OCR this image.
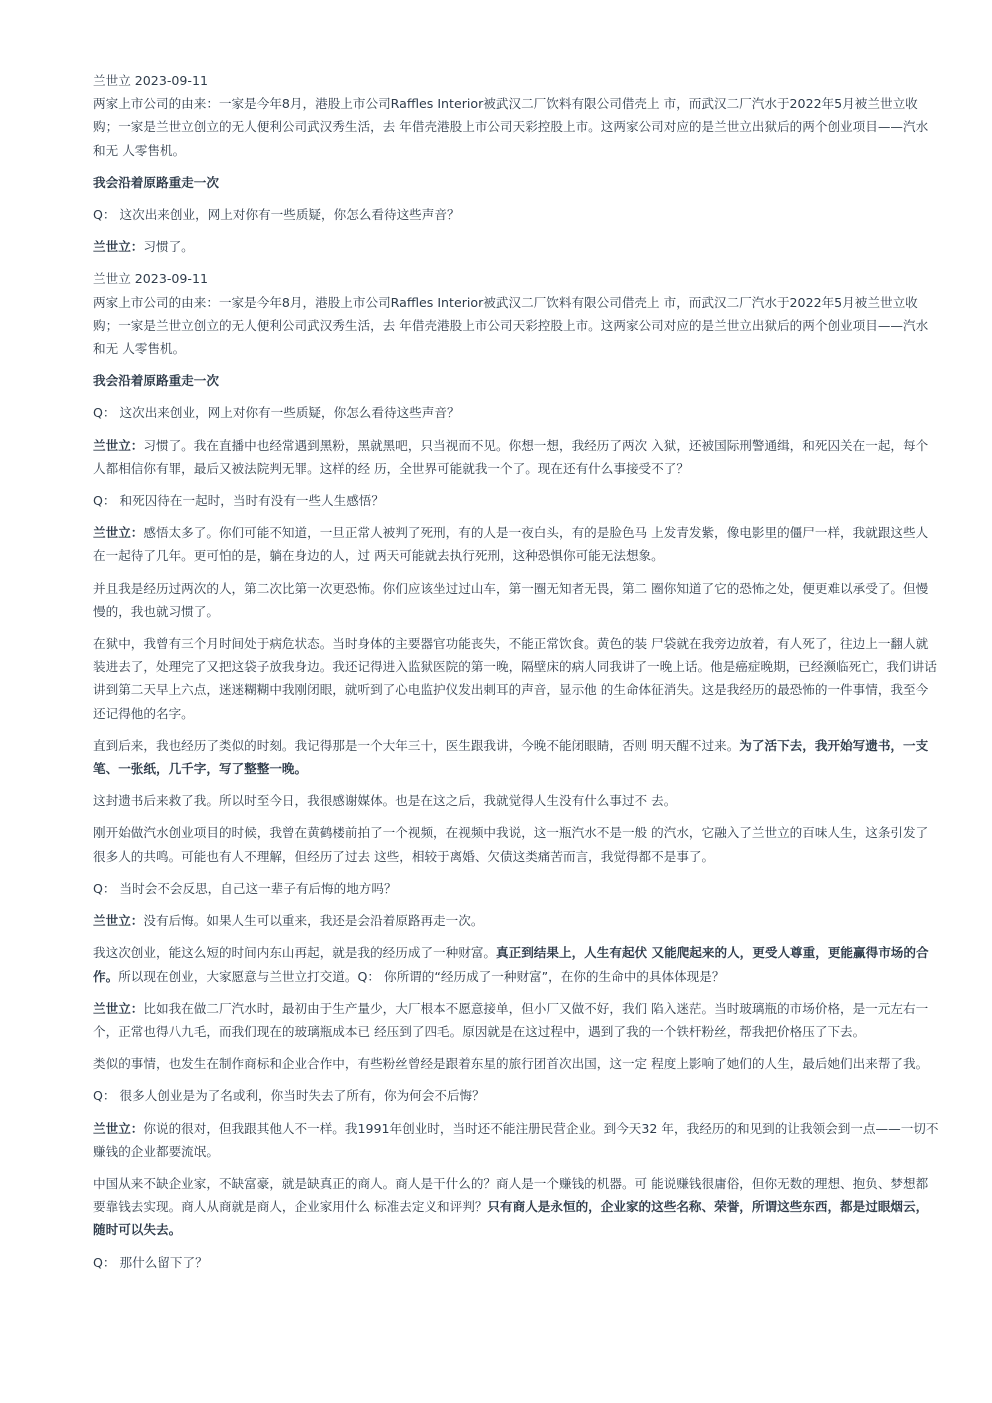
兰世立 2023-09-11

两家上市公司的由来：一家是今年8月，港股上市公司Raffles Interior被武汉二厂饮料有限公司借壳上 市，而武汉二厂汽水于2022年5月被兰世立收购；一家是兰世立创立的无人便利公司武汉秀生活，去 年借壳港股上市公司天彩控股上市。这两家公司对应的是兰世立出狱后的两个创业项目——汽水和无 人零售机。

我会沿着原路重走一次

Q： 这次出来创业，网上对你有一些质疑，你怎么看待这些声音？

兰世立：习惯了。

兰世立 2023-09-11

两家上市公司的由来：一家是今年8月，港股上市公司Raffles Interior被武汉二厂饮料有限公司借壳上 市，而武汉二厂汽水于2022年5月被兰世立收购；一家是兰世立创立的无人便利公司武汉秀生活，去 年借壳港股上市公司天彩控股上市。这两家公司对应的是兰世立出狱后的两个创业项目——汽水和无 人零售机。

我会沿着原路重走一次

Q： 这次出来创业，网上对你有一些质疑，你怎么看待这些声音？

兰世立：习惯了。我在直播中也经常遇到黑粉，黑就黑吧，只当视而不见。你想一想，我经历了两次 入狱，还被国际刑警通缉，和死囚关在一起，每个人都相信你有罪，最后又被法院判无罪。这样的经 历，全世界可能就我一个了。现在还有什么事接受不了？

Q： 和死囚待在一起时，当时有没有一些人生感悟？

兰世立：感悟太多了。你们可能不知道，一旦正常人被判了死刑，有的人是一夜白头，有的是脸色马 上发青发紫，像电影里的僵尸一样，我就跟这些人在一起待了几年。更可怕的是，躺在身边的人，过 两天可能就去执行死刑，这种恐惧你可能无法想象。

并且我是经历过两次的人，第二次比第一次更恐怖。你们应该坐过过山车，第一圈无知者无畏，第二 圈你知道了它的恐怖之处，便更难以承受了。但慢慢的，我也就习惯了。

在狱中，我曾有三个月时间处于病危状态。当时身体的主要器官功能丧失，不能正常饮食。黄色的装 尸袋就在我旁边放着，有人死了，往边上一翻人就装进去了，处理完了又把这袋子放我身边。我还记得进入监狱医院的第一晚，隔壁床的病人同我讲了一晚上话。他是癌症晚期，已经濒临死亡，我们讲话讲到第二天早上六点，迷迷糊糊中我刚闭眼，就听到了心电监护仪发出刺耳的声音，显示他 的生命体征消失。这是我经历的最恐怖的一件事情，我至今还记得他的名字。

直到后来，我也经历了类似的时刻。我记得那是一个大年三十，医生跟我讲，今晚不能闭眼睛，否则 明天醒不过来。为了活下去，我开始写遗书，一支笔、一张纸，几千字，写了整整一晚。

这封遗书后来救了我。所以时至今日，我很感谢媒体。也是在这之后，我就觉得人生没有什么事过不 去。

刚开始做汽水创业项目的时候，我曾在黄鹤楼前拍了一个视频，在视频中我说，这一瓶汽水不是一般 的汽水，它融入了兰世立的百味人生，这条引发了很多人的共鸣。可能也有人不理解，但经历了过去 这些，相较于离婚、欠债这类痛苦而言，我觉得都不是事了。

Q： 当时会不会反思，自己这一辈子有后悔的地方吗？

兰世立：没有后悔。如果人生可以重来，我还是会沿着原路再走一次。

我这次创业，能这么短的时间内东山再起，就是我的经历成了一种财富。真正到结果上，人生有起伏 又能爬起来的人，更受人尊重，更能赢得市场的合作。所以现在创业，大家愿意与兰世立打交道。Q： 你所谓的“经历成了一种财富”，在你的生命中的具体体现是？

兰世立：比如我在做二厂汽水时，最初由于生产量少，大厂根本不愿意接单，但小厂又做不好，我们 陷入迷茫。当时玻璃瓶的市场价格，是一元左右一个，正常也得八九毛，而我们现在的玻璃瓶成本已 经压到了四毛。原因就是在这过程中，遇到了我的一个铁杆粉丝，帮我把价格压了下去。

类似的事情，也发生在制作商标和企业合作中，有些粉丝曾经是跟着东星的旅行团首次出国，这一定 程度上影响了她们的人生，最后她们出来帮了我。

Q： 很多人创业是为了名或利，你当时失去了所有，你为何会不后悔？

兰世立：你说的很对，但我跟其他人不一样。我1991年创业时，当时还不能注册民营企业。到今天32 年，我经历的和见到的让我领会到一点——一切不赚钱的企业都要流氓。

中国从来不缺企业家，不缺富豪，就是缺真正的商人。商人是干什么的？商人是一个赚钱的机器。可 能说赚钱很庸俗，但你无数的理想、抱负、梦想都要靠钱去实现。商人从商就是商人，企业家用什么 标准去定义和评判？只有商人是永恒的，企业家的这些名称、荣誉，所谓这些东西，都是过眼烟云，随时可以失去。

Q： 那什么留下了？
